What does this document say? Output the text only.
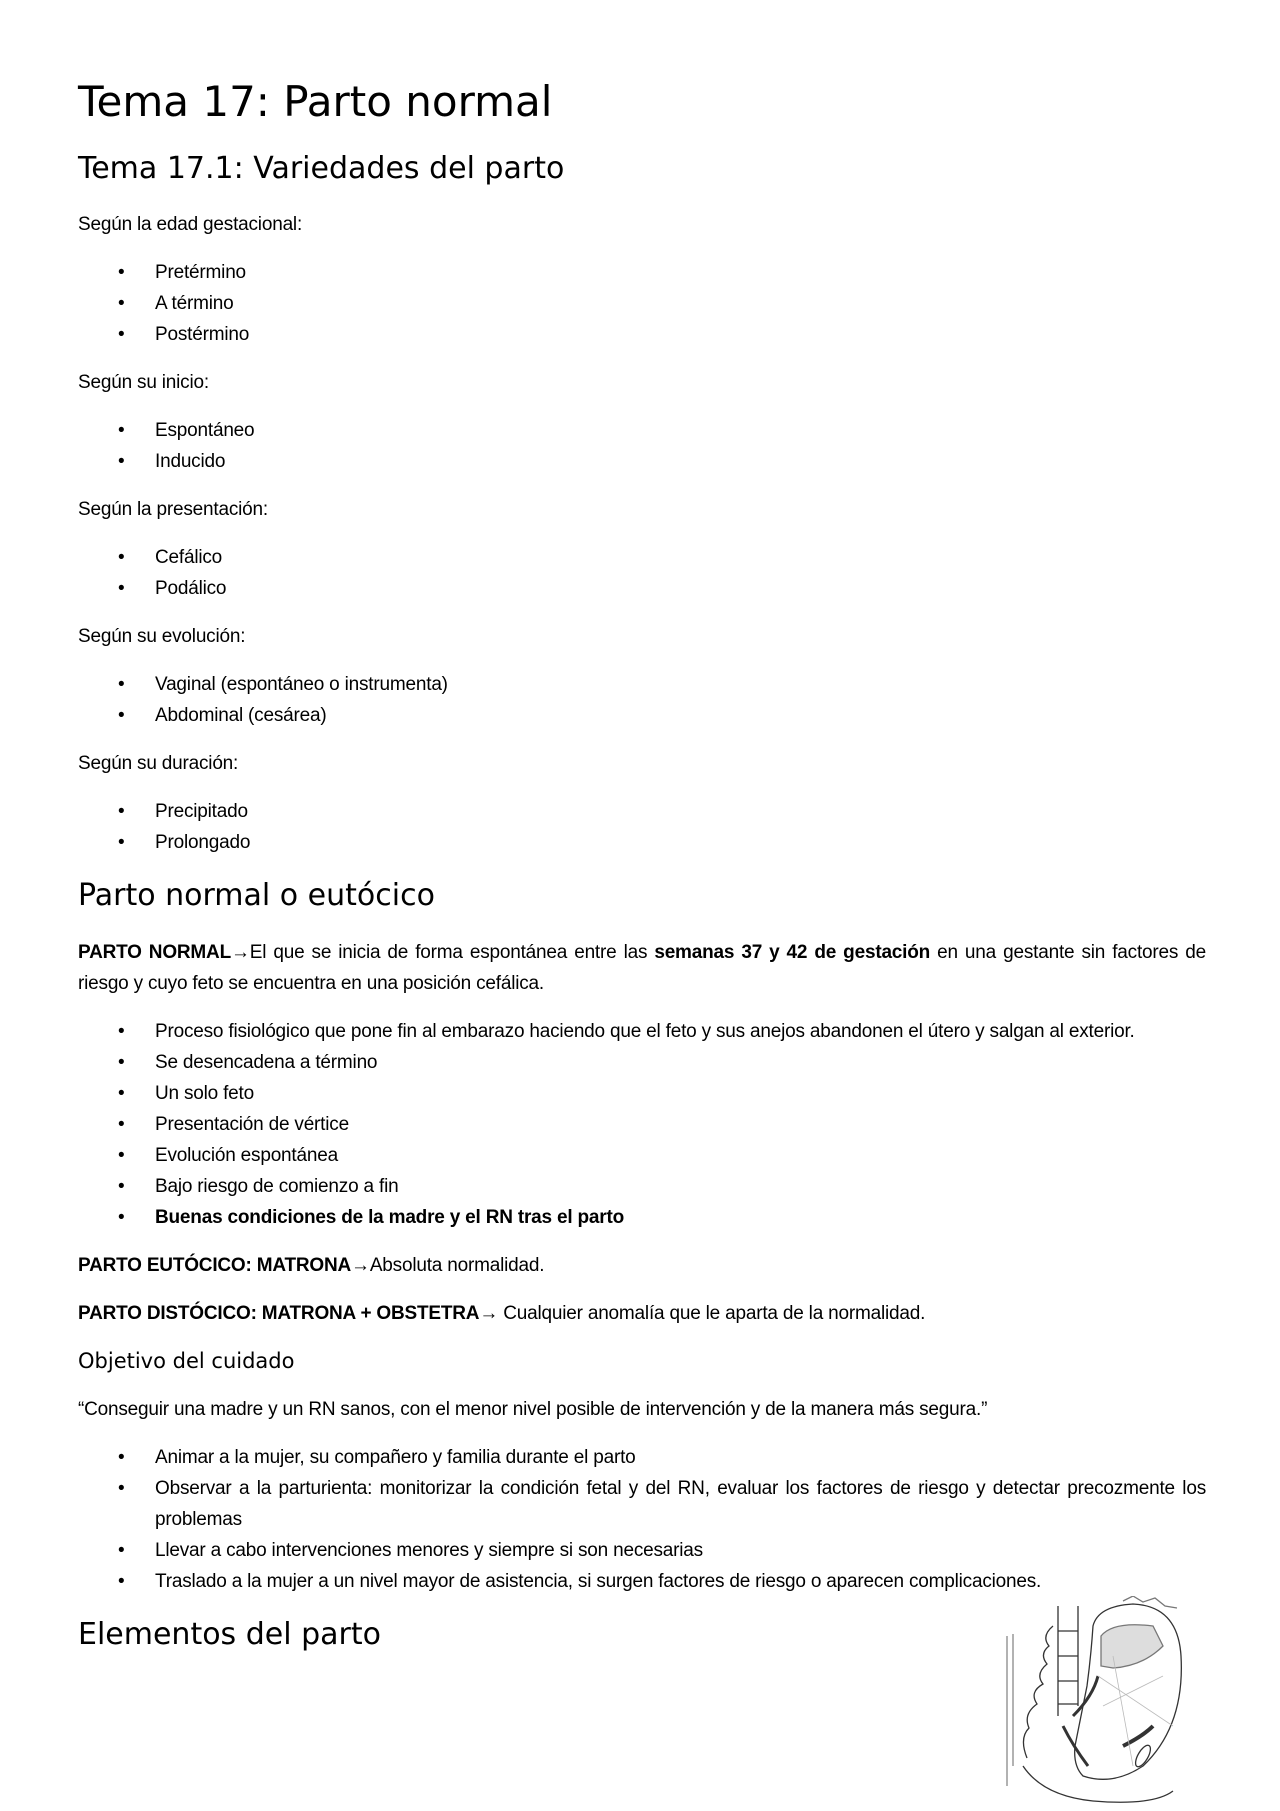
Tema 17: Parto normal
Tema 17.1: Variedades del parto

Según la edad gestacional:

• Pretérmino
• A término
• Postérmino

Según su inicio:

• Espontáneo
• Inducido

Según la presentación:

• Cefálico
• Podálico

Según su evolución:

• Vaginal (espontáneo o instrumenta)
• Abdominal (cesárea)

Según su duración:

• Precipitado
• Prolongado
Parto normal o eutócico

PARTO NORMAL→El que se inicia de forma espontánea entre las semanas 37 y 42 de gestación en una gestante sin factores de riesgo y cuyo feto se encuentra en una posición cefálica.

• Proceso fisiológico que pone fin al embarazo haciendo que el feto y sus anejos abandonen el útero y salgan al exterior.
• Se desencadena a término
• Un solo feto
• Presentación de vértice
• Evolución espontánea
• Bajo riesgo de comienzo a fin
• Buenas condiciones de la madre y el RN tras el parto

PARTO EUTÓCICO: MATRONA→Absoluta normalidad.

PARTO DISTÓCICO: MATRONA + OBSTETRA→ Cualquier anomalía que le aparta de la normalidad.

Objetivo del cuidado

“Conseguir una madre y un RN sanos, con el menor nivel posible de intervención y de la manera más segura.”

• Animar a la mujer, su compañero y familia durante el parto
• Observar a la parturienta: monitorizar la condición fetal y del RN, evaluar los factores de riesgo y detectar precozmente los problemas
• Llevar a cabo intervenciones menores y siempre si son necesarias
• Traslado a la mujer a un nivel mayor de asistencia, si surgen factores de riesgo o aparecen complicaciones.
Elementos del parto
